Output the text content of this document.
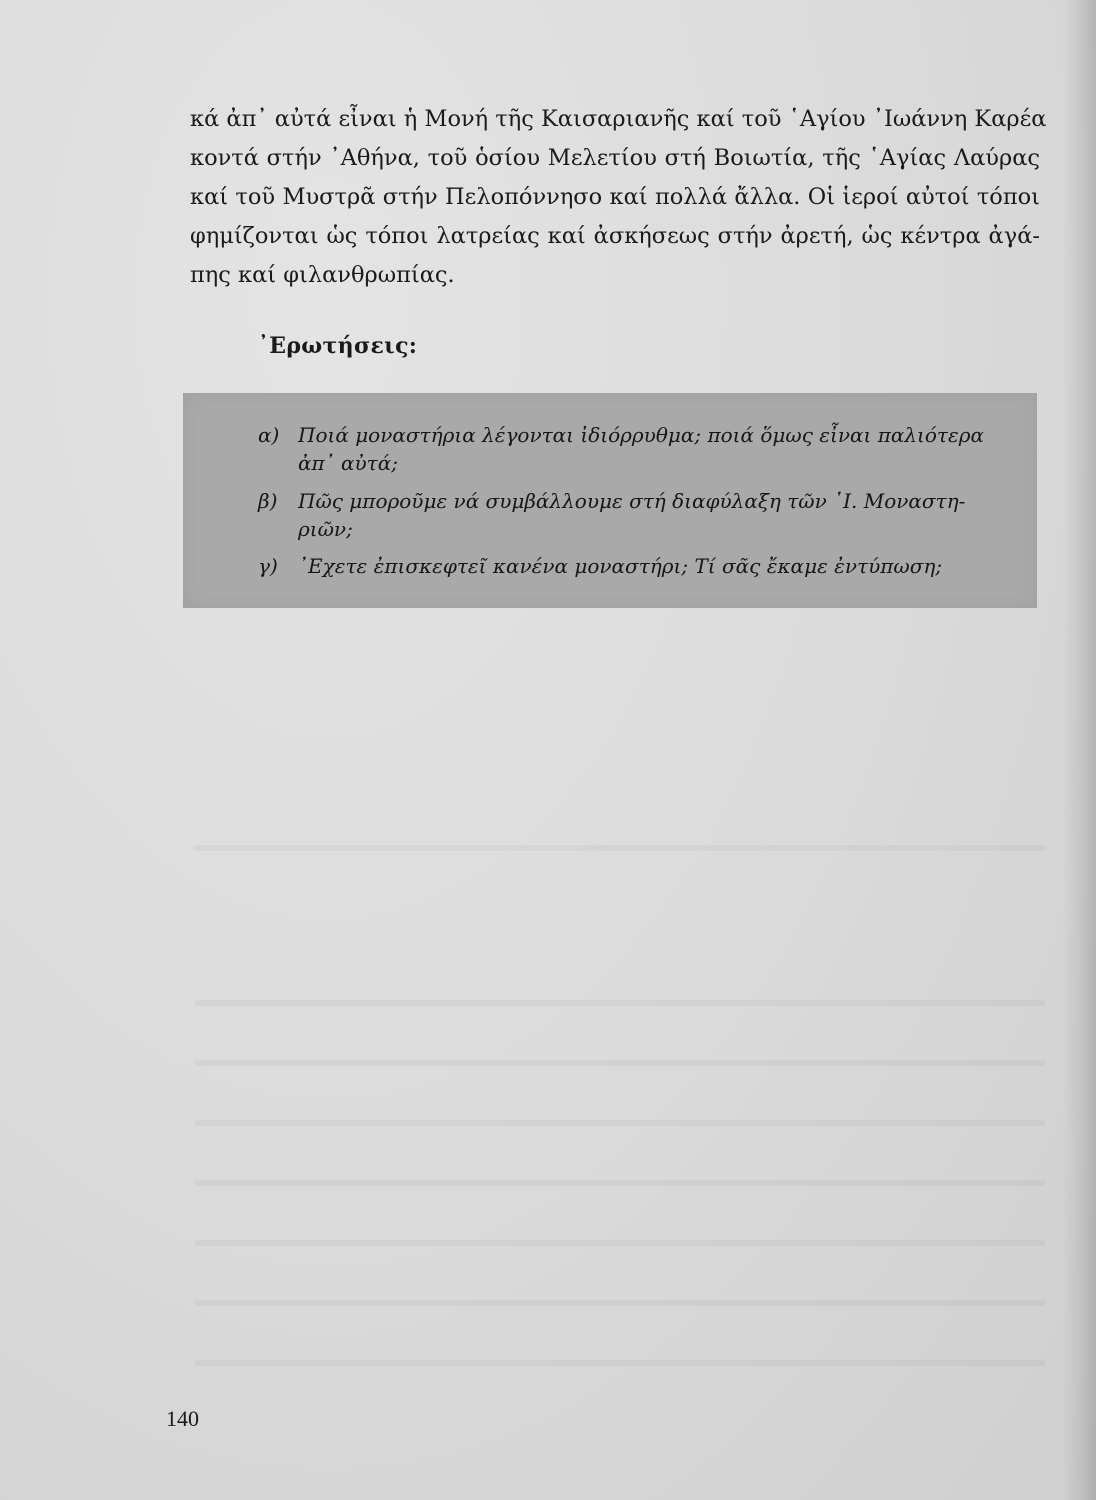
κά ἀπ᾽ αὐτά εἶναι ἡ Μονή τῆς Καισαριανῆς καί τοῦ ῾Αγίου ᾽Ιωάννη Καρέα
κοντά στήν ᾽Αθήνα, τοῦ ὁσίου Μελετίου στή Βοιωτία, τῆς ῾Αγίας Λαύρας
καί τοῦ Μυστρᾶ στήν Πελοπόννησο καί πολλά ἄλλα. Οἱ ἱεροί αὐτοί τόποι
φημίζονται ὡς τόποι λατρείας καί ἀσκήσεως στήν ἀρετή, ὡς κέντρα ἀγά-
πης καί φιλανθρωπίας.

᾽Ερωτήσεις:
α) Ποιά μοναστήρια λέγονται ἰδιόρρυθμα; ποιά ὅμως εἶναι παλιότερα
ἀπ᾽ αὐτά;
β) Πῶς μποροῦμε νά συμβάλλουμε στή διαφύλαξη τῶν ῾Ι. Μοναστη-
ριῶν;
γ) ᾽Εχετε ἐπισκεφτεῖ κανένα μοναστήρι; Τί σᾶς ἔκαμε ἐντύπωση;
140
